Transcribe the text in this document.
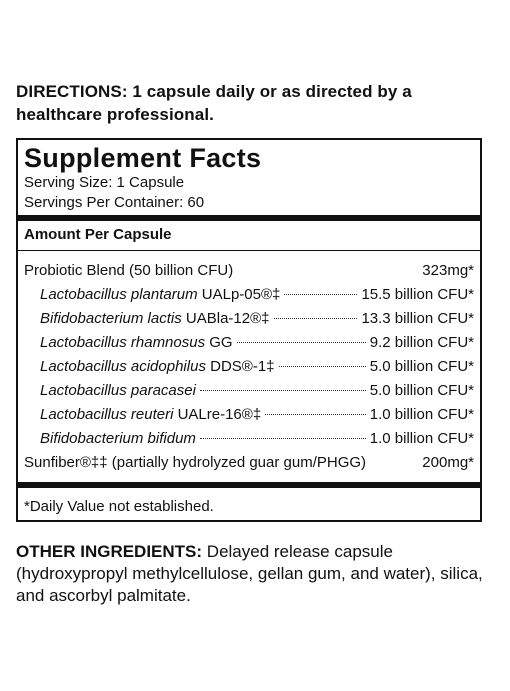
DIRECTIONS: 1 capsule daily or as directed by a healthcare professional.
Supplement Facts
Serving Size: 1 Capsule
Servings Per Container: 60
Amount Per Capsule
Probiotic Blend (50 billion CFU)	323mg*
Lactobacillus plantarum UALp-05®‡	15.5 billion CFU*
Bifidobacterium lactis UABla-12®‡	13.3 billion CFU*
Lactobacillus rhamnosus GG	9.2 billion CFU*
Lactobacillus acidophilus DDS®-1‡	5.0 billion CFU*
Lactobacillus paracasei	5.0 billion CFU*
Lactobacillus reuteri UALre-16®‡	1.0 billion CFU*
Bifidobacterium bifidum	1.0 billion CFU*
Sunfiber®‡‡ (partially hydrolyzed guar gum/PHGG)	200mg*
*Daily Value not established.
OTHER INGREDIENTS: Delayed release capsule (hydroxypropyl methylcellulose, gellan gum, and water), silica, and ascorbyl palmitate.
